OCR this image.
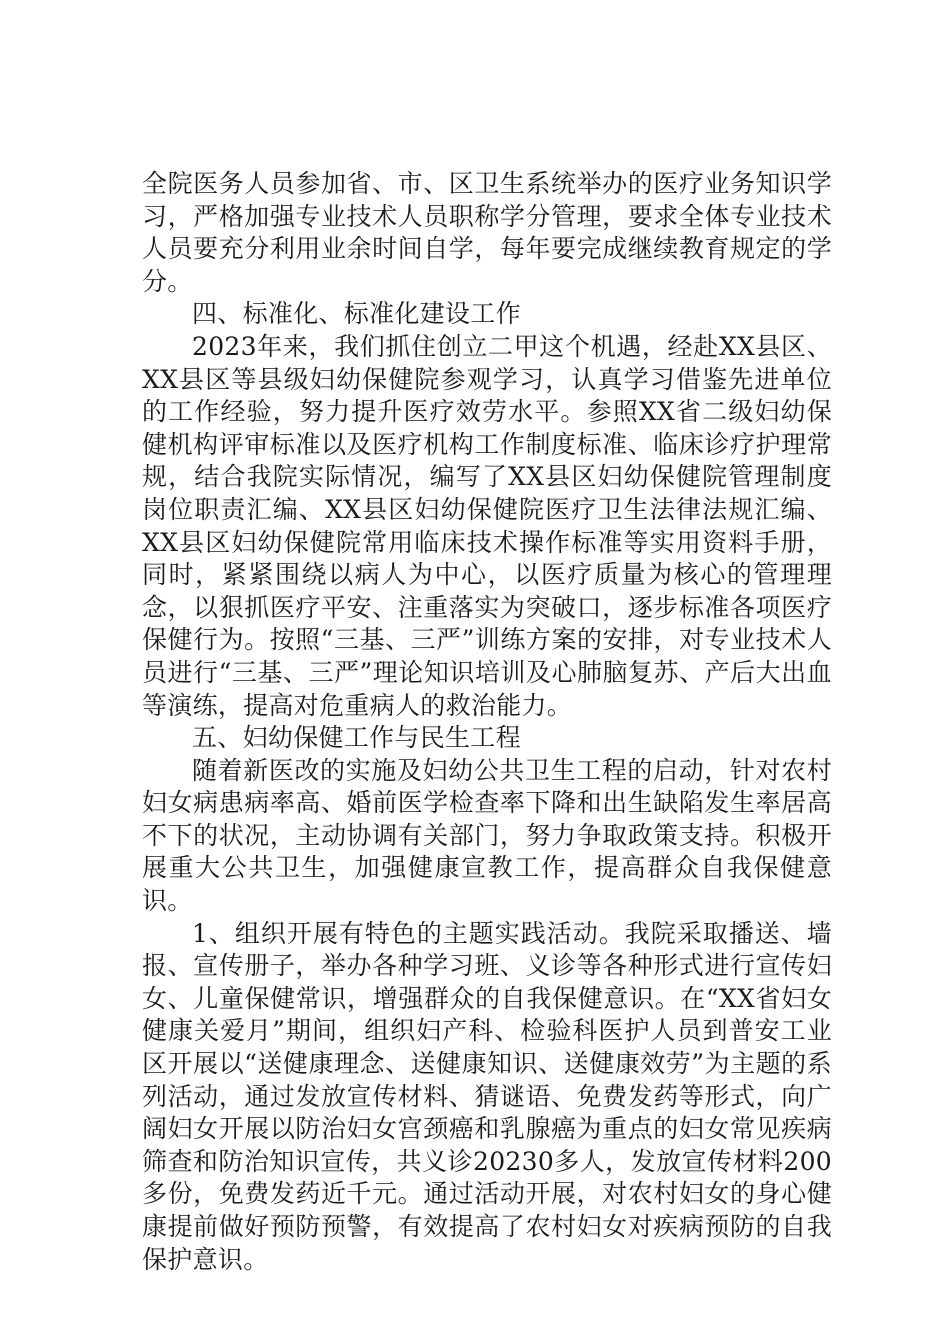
全院医务人员参加省、市、区卫生系统举办的医疗业务知识学习，严格加强专业技术人员职称学分管理，要求全体专业技术人员要充分利用业余时间自学，每年要完成继续教育规定的学分。

四、标准化、标准化建设工作

2023年来，我们抓住创立二甲这个机遇，经赴XX县区、XX县区等县级妇幼保健院参观学习，认真学习借鉴先进单位的工作经验，努力提升医疗效劳水平。参照XX省二级妇幼保健机构评审标准以及医疗机构工作制度标准、临床诊疗护理常规，结合我院实际情况，编写了XX县区妇幼保健院管理制度岗位职责汇编、XX县区妇幼保健院医疗卫生法律法规汇编、XX县区妇幼保健院常用临床技术操作标准等实用资料手册，同时，紧紧围绕以病人为中心，以医疗质量为核心的管理理念，以狠抓医疗平安、注重落实为突破口，逐步标准各项医疗保健行为。按照“三基、三严”训练方案的安排，对专业技术人员进行“三基、三严”理论知识培训及心肺脑复苏、产后大出血等演练，提高对危重病人的救治能力。

五、妇幼保健工作与民生工程

随着新医改的实施及妇幼公共卫生工程的启动，针对农村妇女病患病率高、婚前医学检查率下降和出生缺陷发生率居高不下的状况，主动协调有关部门，努力争取政策支持。积极开展重大公共卫生，加强健康宣教工作，提高群众自我保健意识。

1、组织开展有特色的主题实践活动。我院采取播送、墙报、宣传册子，举办各种学习班、义诊等各种形式进行宣传妇女、儿童保健常识，增强群众的自我保健意识。在“XX省妇女健康关爱月”期间，组织妇产科、检验科医护人员到普安工业区开展以“送健康理念、送健康知识、送健康效劳”为主题的系列活动，通过发放宣传材料、猜谜语、免费发药等形式，向广阔妇女开展以防治妇女宫颈癌和乳腺癌为重点的妇女常见疾病筛查和防治知识宣传，共义诊20230多人，发放宣传材料200多份，免费发药近千元。通过活动开展，对农村妇女的身心健康提前做好预防预警，有效提高了农村妇女对疾病预防的自我保护意识。
